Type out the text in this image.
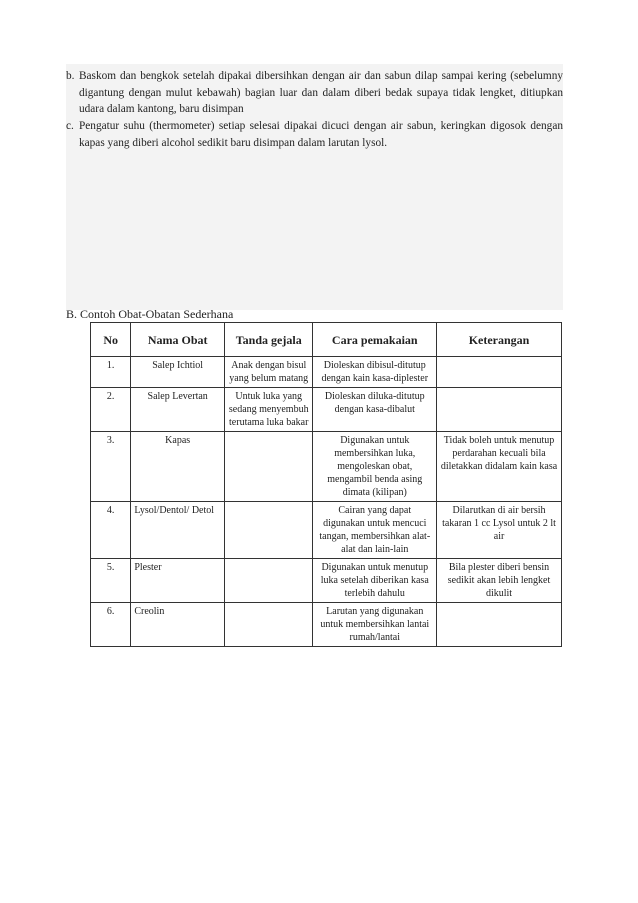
b. Baskom dan bengkok setelah dipakai dibersihkan dengan air dan sabun dilap sampai kering (sebelumny digantung dengan mulut kebawah) bagian luar dan dalam diberi bedak supaya tidak lengket, ditiupkan udara dalam kantong, baru disimpan
c. Pengatur suhu (thermometer) setiap selesai dipakai dicuci dengan air sabun, keringkan digosok dengan kapas yang diberi alcohol sedikit baru disimpan dalam larutan lysol.
B. Contoh Obat-Obatan Sederhana
No	Nama Obat	Tanda gejala	Cara pemakaian	Keterangan
1.	Salep Ichtiol	Anak dengan bisul yang belum matang	Dioleskan dibisul-ditutup dengan kain kasa-diplester	
2.	Salep Levertan	Untuk luka yang sedang menyembuh terutama luka bakar	Dioleskan diluka-ditutup dengan kasa-dibalut	
3.	Kapas		Digunakan untuk membersihkan luka, mengoleskan obat, mengambil benda asing dimata (kilipan)	Tidak boleh untuk menutup perdarahan kecuali bila diletakkan didalam kain kasa
4.	Lysol/Dentol/ Detol		Cairan yang dapat digunakan untuk mencuci tangan, membersihkan alat-alat dan lain-lain	Dilarutkan di air bersih takaran 1 cc Lysol untuk 2 lt air
5.	Plester		Digunakan untuk menutup luka setelah diberikan kasa terlebih dahulu	Bila plester diberi bensin sedikit akan lebih lengket dikulit
6.	Creolin		Larutan yang digunakan untuk membersihkan lantai rumah/lantai	
